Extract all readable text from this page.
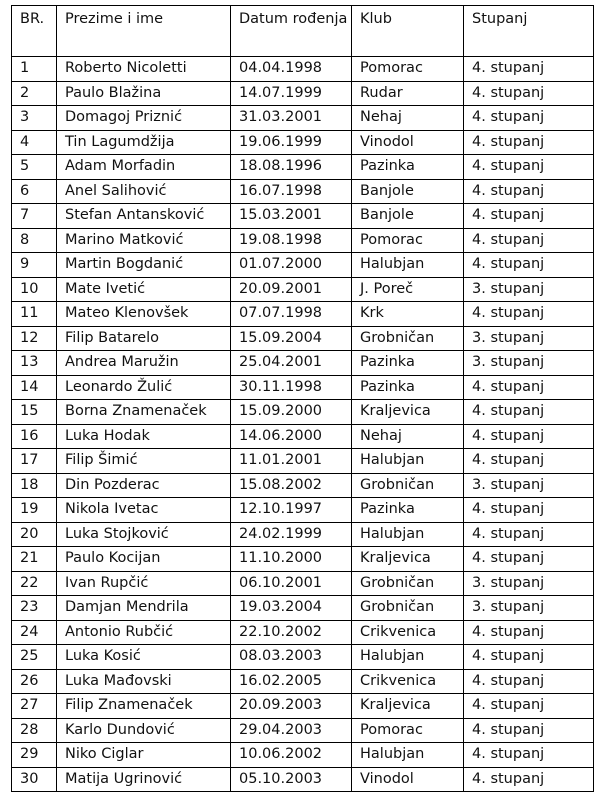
BR.	Prezime i ime	Datum rođenja	Klub	Stupanj
1	Roberto Nicoletti	04.04.1998	Pomorac	4. stupanj
2	Paulo Blažina	14.07.1999	Rudar	4. stupanj
3	Domagoj Priznić	31.03.2001	Nehaj	4. stupanj
4	Tin Lagumdžija	19.06.1999	Vinodol	4. stupanj
5	Adam Morfadin	18.08.1996	Pazinka	4. stupanj
6	Anel Salihović	16.07.1998	Banjole	4. stupanj
7	Stefan Antansković	15.03.2001	Banjole	4. stupanj
8	Marino Matković	19.08.1998	Pomorac	4. stupanj
9	Martin Bogdanić	01.07.2000	Halubjan	4. stupanj
10	Mate Ivetić	20.09.2001	J. Poreč	3. stupanj
11	Mateo Klenovšek	07.07.1998	Krk	4. stupanj
12	Filip Batarelo	15.09.2004	Grobničan	3. stupanj
13	Andrea Maružin	25.04.2001	Pazinka	3. stupanj
14	Leonardo Žulić	30.11.1998	Pazinka	4. stupanj
15	Borna Znamenaček	15.09.2000	Kraljevica	4. stupanj
16	Luka Hodak	14.06.2000	Nehaj	4. stupanj
17	Filip Šimić	11.01.2001	Halubjan	4. stupanj
18	Din Pozderac	15.08.2002	Grobničan	3. stupanj
19	Nikola Ivetac	12.10.1997	Pazinka	4. stupanj
20	Luka Stojković	24.02.1999	Halubjan	4. stupanj
21	Paulo Kocijan	11.10.2000	Kraljevica	4. stupanj
22	Ivan Rupčić	06.10.2001	Grobničan	3. stupanj
23	Damjan Mendrila	19.03.2004	Grobničan	3. stupanj
24	Antonio Rubčić	22.10.2002	Crikvenica	4. stupanj
25	Luka Kosić	08.03.2003	Halubjan	4. stupanj
26	Luka Mađovski	16.02.2005	Crikvenica	4. stupanj
27	Filip Znamenaček	20.09.2003	Kraljevica	4. stupanj
28	Karlo Dundović	29.04.2003	Pomorac	4. stupanj
29	Niko Ciglar	10.06.2002	Halubjan	4. stupanj
30	Matija Ugrinović	05.10.2003	Vinodol	4. stupanj
